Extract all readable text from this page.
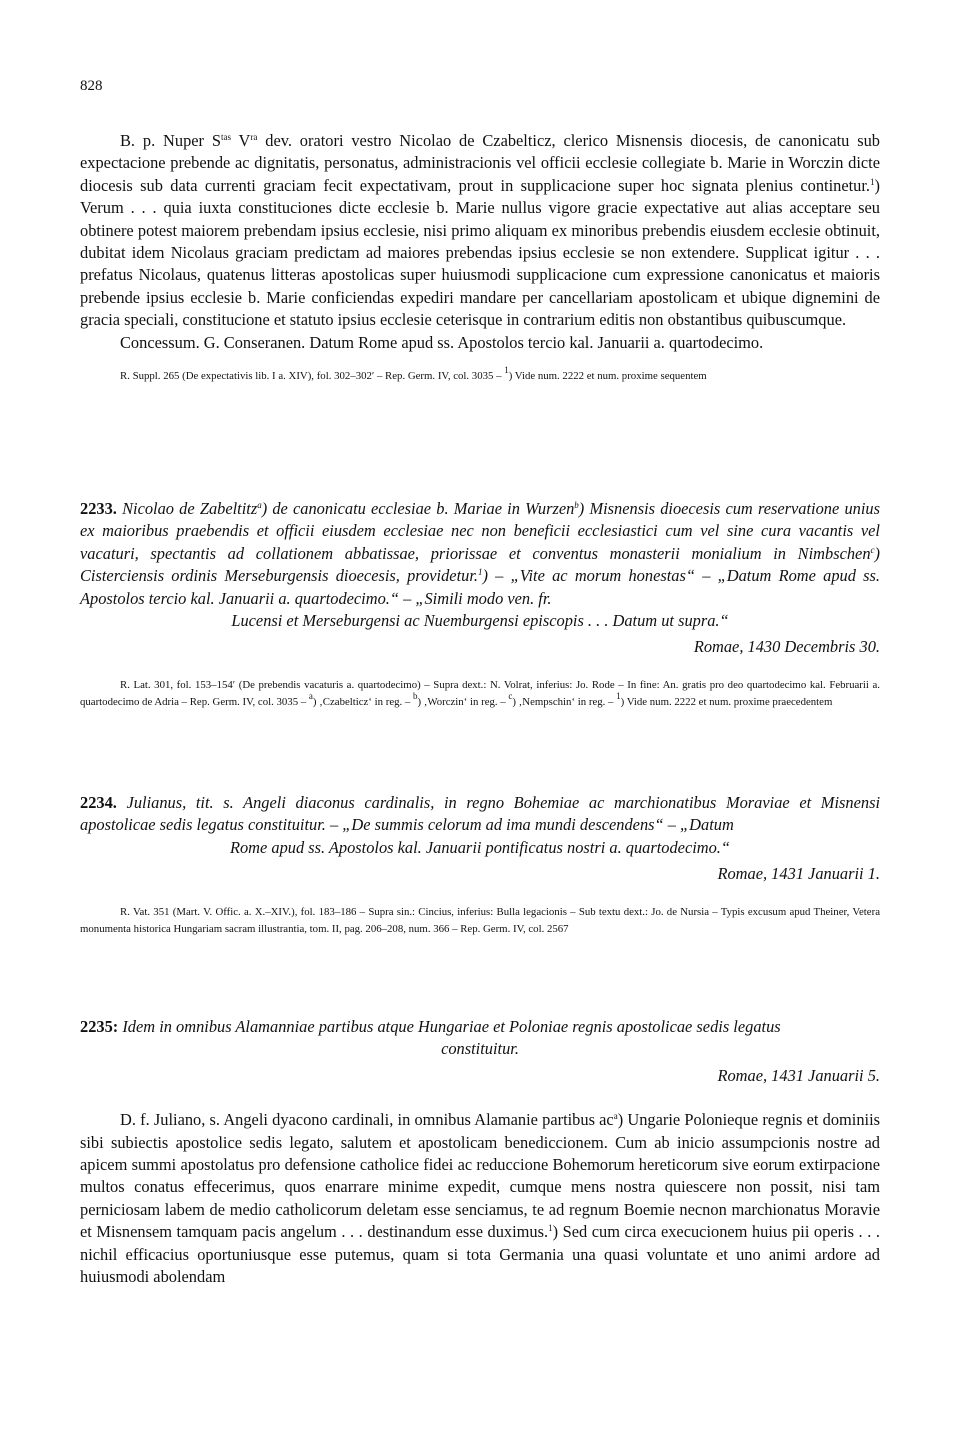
828

B. p. Nuper $S^{tas}$ $V^{ra}$ dev. oratori vestro Nicolao de Czabelticz, clerico Misnensis diocesis, de canonicatu sub expectacione prebende ac dignitatis, personatus, administracionis vel officii ecclesie collegiate b. Marie in Worczin dicte diocesis sub data currenti graciam fecit expectativam, prout in supplicacione super hoc signata plenius continetur.$^1$) Verum . . . quia iuxta constituciones dicte ecclesie b. Marie nullus vigore gracie expectative aut alias acceptare seu obtinere potest maiorem prebendam ipsius ecclesie, nisi primo aliquam ex minoribus prebendis eiusdem ecclesie obtinuit, dubitat idem Nicolaus graciam predictam ad maiores prebendas ipsius ecclesie se non extendere. Supplicat igitur . . . prefatus Nicolaus, quatenus litteras apostolicas super huiusmodi supplicacione cum expressione canonicatus et maioris prebende ipsius ecclesie b. Marie conficiendas expediri mandare per cancellariam apostolicam et ubique dignemini de gracia speciali, constitucione et statuto ipsius ecclesie ceterisque in contrarium editis non obstantibus quibuscumque.

Concessum. G. Conseranen. Datum Rome apud ss. Apostolos tercio kal. Januarii a. quartodecimo.

R. Suppl. 265 (De expectativis lib. I a. XIV), fol. 302–302′ – Rep. Germ. IV, col. 3035 – $^1$) Vide num. 2222 et num. proxime sequentem

2233. Nicolao de Zabeltitz$^a$) de canonicatu ecclesiae b. Mariae in Wurzen$^b$) Misnensis dioecesis cum reservatione unius ex maioribus praebendis et officii eiusdem ecclesiae nec non beneficii ecclesiastici cum vel sine cura vacantis vel vacaturi, spectantis ad collationem abbatissae, priorissae et conventus monasterii monialium in Nimbschen$^c$) Cisterciensis ordinis Merseburgensis dioecesis, providetur.$^1$) – „Vite ac morum honestas“ – „Datum Rome apud ss. Apostolos tercio kal. Januarii a. quartodecimo.“ – „Simili modo ven. fr.

Lucensi et Merseburgensi ac Nuemburgensi episcopis . . . Datum ut supra.“

Romae, 1430 Decembris 30.

R. Lat. 301, fol. 153–154′ (De prebendis vacaturis a. quartodecimo) – Supra dext.: N. Volrat, inferius: Jo. Rode – In fine: An. gratis pro deo quartodecimo kal. Februarii a. quartodecimo de Adria – Rep. Germ. IV, col. 3035 – $^a$) ‚Czabelticz‘ in reg. – $^b$) ‚Worczin‘ in reg. – $^c$) ‚Nempschin‘ in reg. – $^1$) Vide num. 2222 et num. proxime praecedentem

2234. Julianus, tit. s. Angeli diaconus cardinalis, in regno Bohemiae ac marchionatibus Moraviae et Misnensi apostolicae sedis legatus constituitur. – „De summis celorum ad ima mundi descendens“ – „Datum

Rome apud ss. Apostolos kal. Januarii pontificatus nostri a. quartodecimo.“

Romae, 1431 Januarii 1.

R. Vat. 351 (Mart. V. Offic. a. X.–XIV.), fol. 183–186 – Supra sin.: Cincius, inferius: Bulla legacionis – Sub textu dext.: Jo. de Nursia – Typis excusum apud Theiner, Vetera monumenta historica Hungariam sacram illustrantia, tom. II, pag. 206–208, num. 366 – Rep. Germ. IV, col. 2567

2235: Idem in omnibus Alamanniae partibus atque Hungariae et Poloniae regnis apostolicae sedis legatus

constituitur.

Romae, 1431 Januarii 5.

D. f. Juliano, s. Angeli dyacono cardinali, in omnibus Alamanie partibus $ac^a$) Ungarie Polonieque regnis et dominiis sibi subiectis apostolice sedis legato, salutem et apostolicam benediccionem. Cum ab inicio assumpcionis nostre ad apicem summi apostolatus pro defensione catholice fidei ac reduccione Bohemorum hereticorum sive eorum extirpacione multos conatus effecerimus, quos enarrare minime expedit, cumque mens nostra quiescere non possit, nisi tam perniciosam labem de medio catholicorum deletam esse senciamus, te ad regnum Boemie necnon marchionatus Moravie et Misnensem tamquam pacis angelum . . . destinandum esse duximus.$^1$) Sed cum circa execucionem huius pii operis . . . nichil efficacius oportuniusque esse putemus, quam si tota Germania una quasi voluntate et uno animi ardore ad huiusmodi abolendam
